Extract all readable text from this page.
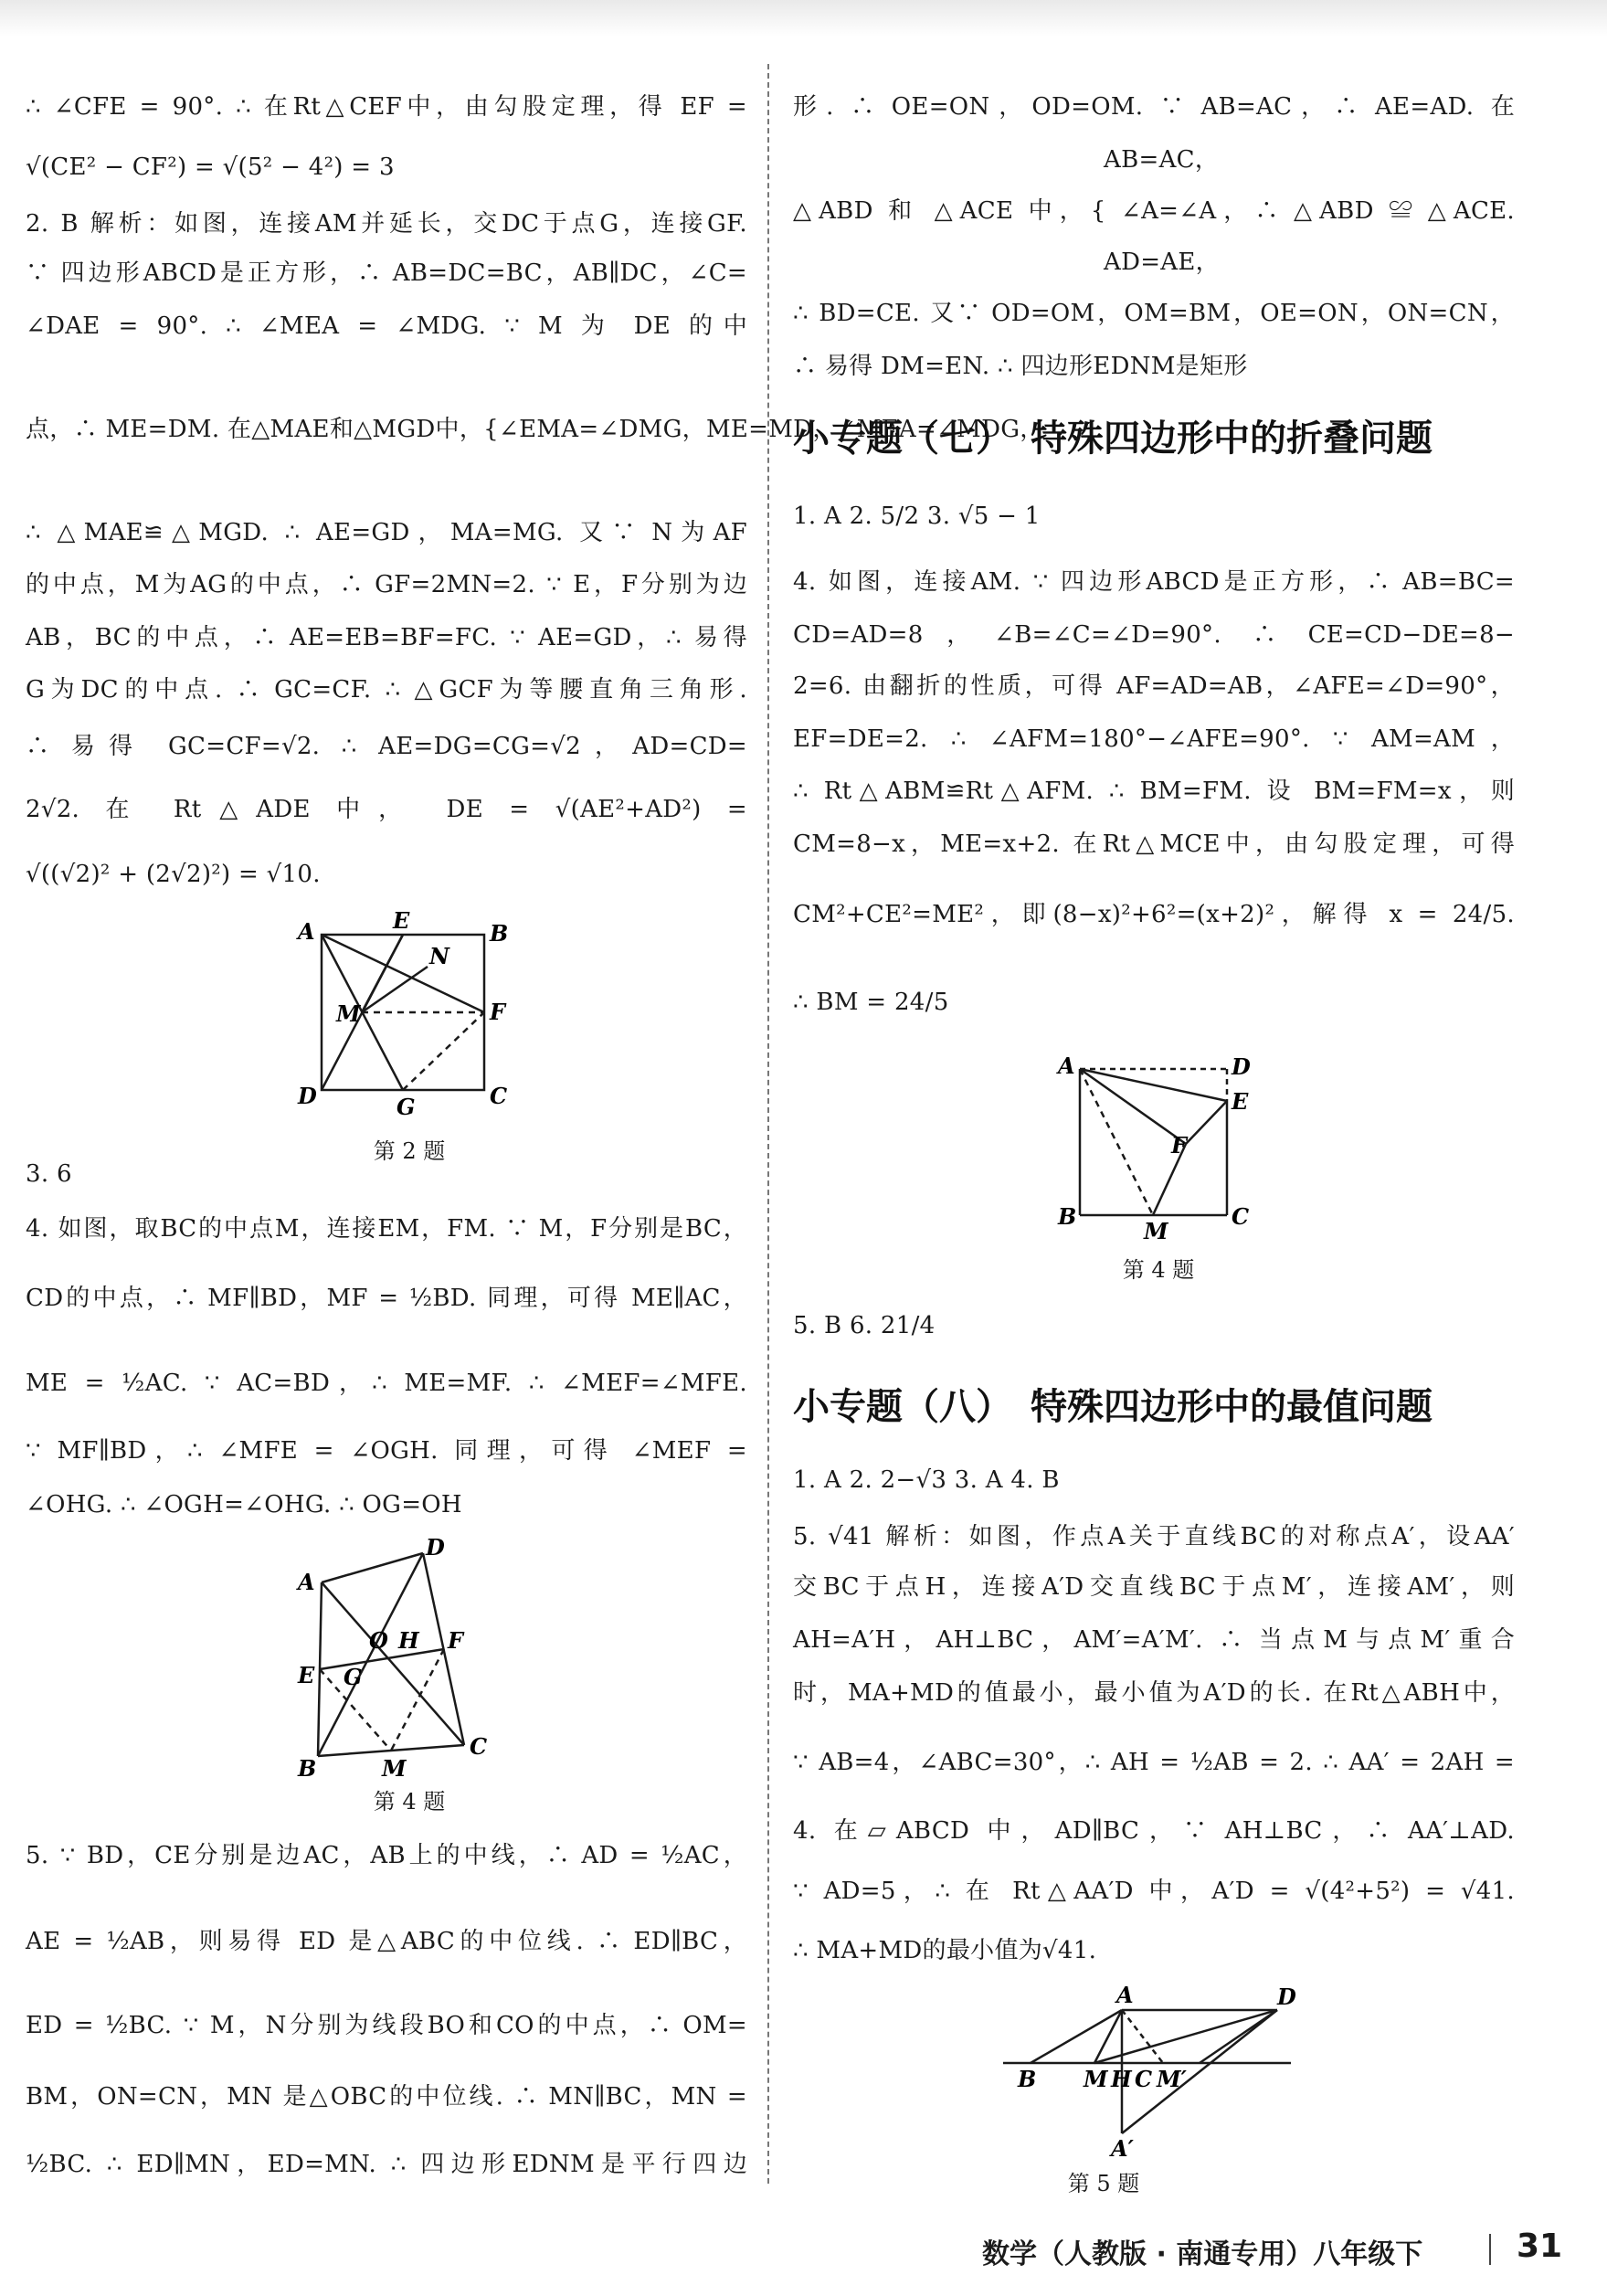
∴ ∠CFE = 90°. ∴ 在Rt△CEF中，由勾股定理，得 EF =
√(CE² − CF²) = √(5² − 4²) = 3
2. B 解析：如图，连接AM并延长，交DC于点G，连接GF.
∵ 四边形ABCD是正方形，∴ AB=DC=BC，AB∥DC，∠C=
∠DAE = 90°. ∴ ∠MEA = ∠MDG. ∵ M 为 DE 的中
点，∴ ME=DM. 在△MAE和△MGD中，{∠EMA=∠DMG，ME=MD，∠MEA=∠MDG，
∴ △MAE≌△MGD. ∴ AE=GD，MA=MG. 又∵ N为AF
的中点，M为AG的中点，∴ GF=2MN=2. ∵ E，F分别为边
AB，BC的中点，∴ AE=EB=BF=FC. ∵ AE=GD，∴ 易得
G为DC的中点. ∴ GC=CF. ∴ △GCF为等腰直角三角形.
∴ 易得 GC=CF=√2. ∴ AE=DG=CG=√2，AD=CD=
2√2. 在 Rt△ADE 中， DE = √(AE²+AD²) =
√((√2)² + (2√2)²) = √10.
A	E	B
N
F
M
D	G	C
第 2 题
3. 6
4. 如图，取BC的中点M，连接EM，FM. ∵ M，F分别是BC，
CD的中点，∴ MF∥BD，MF = ½BD. 同理，可得 ME∥AC，
ME = ½AC. ∵ AC=BD，∴ ME=MF. ∴ ∠MEF=∠MFE.
∵ MF∥BD，∴ ∠MFE = ∠OGH. 同理，可得 ∠MEF =
∠OHG. ∴ ∠OGH=∠OHG. ∴ OG=OH
A
D
O H F
E G
B	M
C
第 4 题
5. ∵ BD，CE分别是边AC，AB上的中线，∴ AD = ½AC，
AE = ½AB，则易得 ED 是△ABC的中位线. ∴ ED∥BC，
ED = ½BC. ∵ M，N分别为线段BO和CO的中点，∴ OM=
BM，ON=CN，MN 是△OBC的中位线. ∴ MN∥BC，MN =
½BC. ∴ ED∥MN，ED=MN. ∴ 四边形EDNM是平行四边
形. ∴ OE=ON，OD=OM. ∵ AB=AC，∴ AE=AD. 在
AB=AC，
△ABD 和 △ACE 中，{ ∠A=∠A，∴ △ABD ≌ △ACE.
AD=AE，
∴ BD=CE. 又∵ OD=OM，OM=BM，OE=ON，ON=CN，
∴ 易得 DM=EN. ∴ 四边形EDNM是矩形
小专题（七）　特殊四边形中的折叠问题
1. A 2. 5/2 3. √5 − 1
4. 如图，连接AM. ∵ 四边形ABCD是正方形，∴ AB=BC=
CD=AD=8，∠B=∠C=∠D=90°. ∴ CE=CD−DE=8−
2=6. 由翻折的性质，可得 AF=AD=AB，∠AFE=∠D=90°，
EF=DE=2. ∴ ∠AFM=180°−∠AFE=90°. ∵ AM=AM，
∴ Rt△ABM≌Rt△AFM. ∴ BM=FM. 设 BM=FM=x，则
CM=8−x，ME=x+2. 在Rt△MCE中，由勾股定理，可得
CM²+CE²=ME²，即(8−x)²+6²=(x+2)²，解得 x = 24/5.
∴ BM = 24/5
A	D
E
F
B
M
C
第 4 题
5. B 6. 21/4
小专题（八）　特殊四边形中的最值问题
1. A 2. 2−√3 3. A 4. B
5. √41 解析：如图，作点A关于直线BC的对称点A′，设AA′
交BC于点H，连接A′D交直线BC于点M′，连接AM′，则
AH=A′H，AH⊥BC，AM′=A′M′. ∴ 当点M与点M′重合
时，MA+MD的值最小，最小值为A′D的长. 在Rt△ABH中，
∵ AB=4，∠ABC=30°，∴ AH = ½AB = 2. ∴ AA′ = 2AH =
4. 在▱ABCD 中，AD∥BC，∵ AH⊥BC，∴ AA′⊥AD.
∵ AD=5，∴ 在 Rt△AA′D 中，A′D = √(4²+5²) = √41.
∴ MA+MD的最小值为√41.
A	D
B M H C M′
A′
第 5 题
数学（人教版 · 南通专用）八年级下	31
